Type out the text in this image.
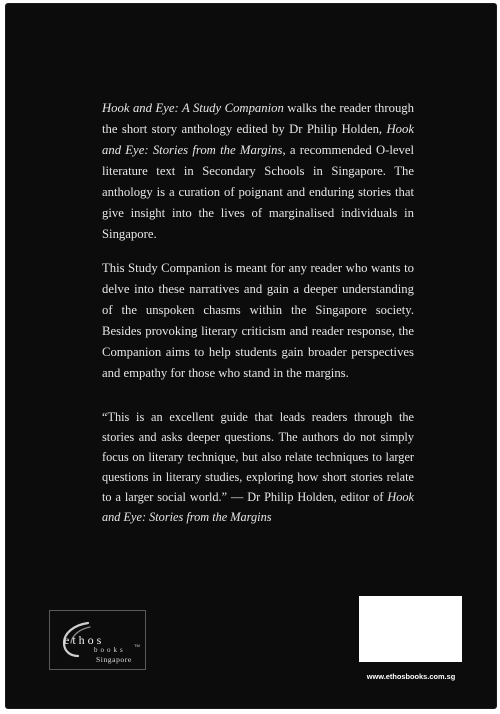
Hook and Eye: A Study Companion walks the reader through the short story anthology edited by Dr Philip Holden, Hook and Eye: Stories from the Margins, a recommended O-level literature text in Secondary Schools in Singapore. The anthology is a curation of poignant and enduring stories that give insight into the lives of marginalised individuals in Singapore.

This Study Companion is meant for any reader who wants to delve into these narratives and gain a deeper understanding of the unspoken chasms within the Singapore society. Besides provoking literary criticism and reader response, the Companion aims to help students gain broader perspectives and empathy for those who stand in the margins.

“This is an excellent guide that leads readers through the stories and asks deeper questions. The authors do not simply focus on literary technique, but also relate techniques to larger questions in literary studies, exploring how short stories relate to a larger social world.” — Dr Philip Holden, editor of Hook and Eye: Stories from the Margins

ethos
books
TM
Singapore
www.ethosbooks.com.sg
